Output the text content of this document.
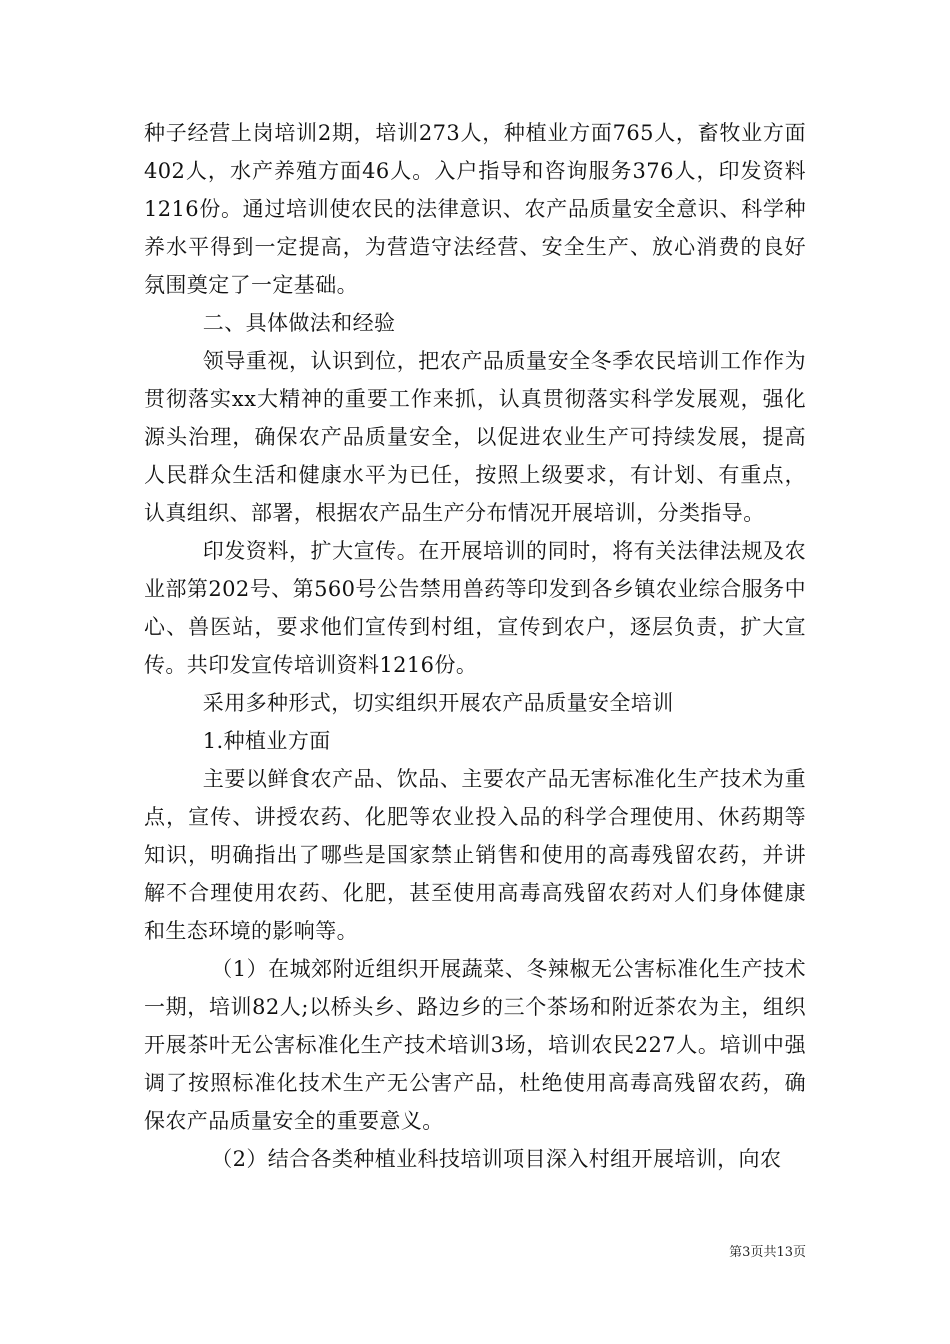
种子经营上岗培训2期，培训273人，种植业方面765人，畜牧业方面402人，水产养殖方面46人。入户指导和咨询服务376人，印发资料1216份。通过培训使农民的法律意识、农产品质量安全意识、科学种养水平得到一定提高，为营造守法经营、安全生产、放心消费的良好氛围奠定了一定基础。

二、具体做法和经验

领导重视，认识到位，把农产品质量安全冬季农民培训工作作为贯彻落实xx大精神的重要工作来抓，认真贯彻落实科学发展观，强化源头治理，确保农产品质量安全，以促进农业生产可持续发展，提高人民群众生活和健康水平为已任，按照上级要求，有计划、有重点，认真组织、部署，根据农产品生产分布情况开展培训，分类指导。

印发资料，扩大宣传。在开展培训的同时，将有关法律法规及农业部第202号、第560号公告禁用兽药等印发到各乡镇农业综合服务中心、兽医站，要求他们宣传到村组，宣传到农户，逐层负责，扩大宣传。共印发宣传培训资料1216份。

采用多种形式，切实组织开展农产品质量安全培训

1.种植业方面

主要以鲜食农产品、饮品、主要农产品无害标准化生产技术为重点，宣传、讲授农药、化肥等农业投入品的科学合理使用、休药期等知识，明确指出了哪些是国家禁止销售和使用的高毒残留农药，并讲解不合理使用农药、化肥，甚至使用高毒高残留农药对人们身体健康和生态环境的影响等。

（1）在城郊附近组织开展蔬菜、冬辣椒无公害标准化生产技术一期，培训82人;以桥头乡、路边乡的三个茶场和附近茶农为主，组织开展茶叶无公害标准化生产技术培训3场，培训农民227人。培训中强调了按照标准化技术生产无公害产品，杜绝使用高毒高残留农药，确保农产品质量安全的重要意义。

（2）结合各类种植业科技培训项目深入村组开展培训，向农

第3页共13页
